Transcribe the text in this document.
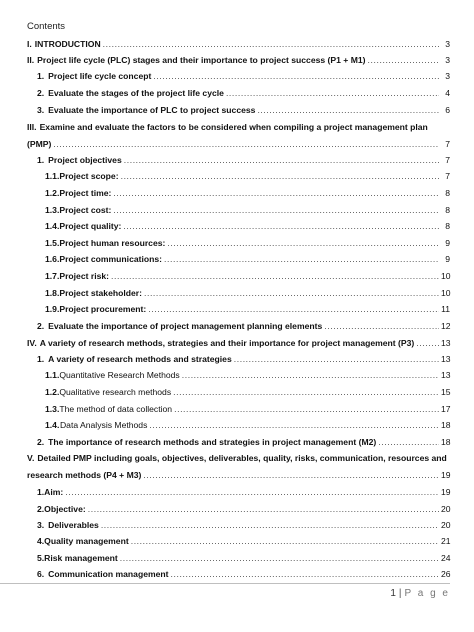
Contents
I. INTRODUCTION .....	3
II. Project life cycle (PLC) stages and their importance to project success (P1 + M1) .....	3
1. Project life cycle concept .....	3
2. Evaluate the stages of the project life cycle .....	4
3. Evaluate the importance of PLC to project success .....	6
III. Examine and evaluate the factors to be considered when compiling a project management plan
(PMP) .....	7
1. Project objectives .....	7
1.1. Project scope: .....	7
1.2. Project time: .....	8
1.3. Project cost: .....	8
1.4. Project quality: .....	8
1.5. Project human resources: .....	9
1.6. Project communications: .....	9
1.7. Project risk: .....	10
1.8. Project stakeholder: .....	10
1.9. Project procurement: .....	11
2. Evaluate the importance of project management planning elements .....	12
IV. A variety of research methods, strategies and their importance for project management (P3) .....	13
1. A variety of research methods and strategies .....	13
1.1. Quantitative Research Methods .....	13
1.2. Qualitative research methods .....	15
1.3. The method of data collection .....	17
1.4. Data Analysis Methods .....	18
2. The importance of research methods and strategies in project management (M2) .....	18
V. Detailed PMP including goals, objectives, deliverables, quality, risks, communication, resources and
research methods (P4 + M3) .....	19
1. Aim: .....	19
2. Objective: .....	20
3. Deliverables .....	20
4. Quality management .....	21
5. Risk management .....	24
6. Communication management .....	26
1 | P a g e
